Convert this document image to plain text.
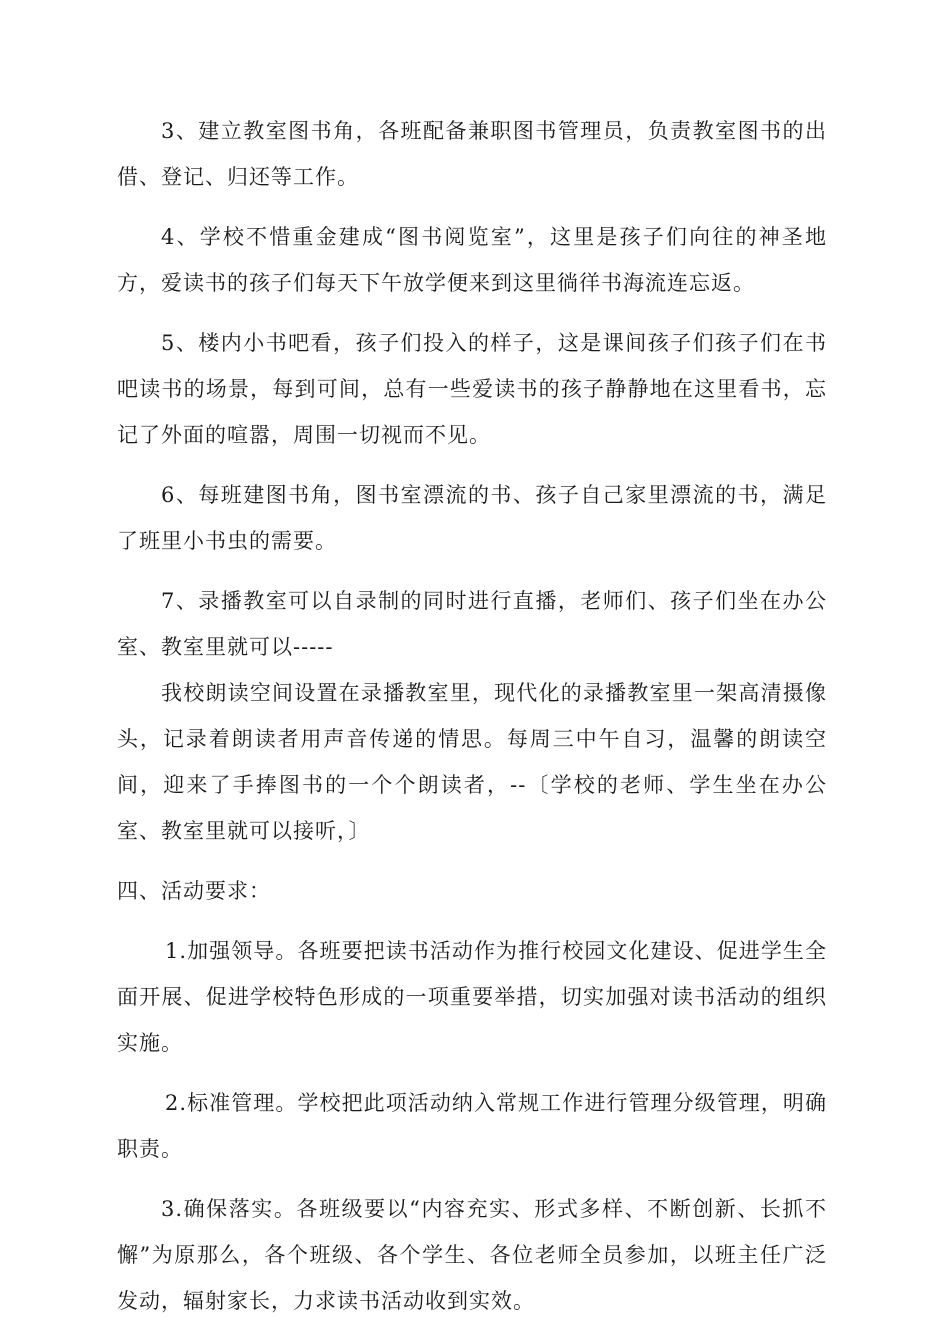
3、建立教室图书角，各班配备兼职图书管理员，负责教室图书的出借、登记、归还等工作。

4、学校不惜重金建成“图书阅览室”，这里是孩子们向往的神圣地方，爱读书的孩子们每天下午放学便来到这里徜徉书海流连忘返。

5、楼内小书吧看，孩子们投入的样子，这是课间孩子们孩子们在书吧读书的场景，每到可间，总有一些爱读书的孩子静静地在这里看书，忘记了外面的喧嚣，周围一切视而不见。

6、每班建图书角，图书室漂流的书、孩子自己家里漂流的书，满足了班里小书虫的需要。

7、录播教室可以自录制的同时进行直播，老师们、孩子们坐在办公室、教室里就可以-----

我校朗读空间设置在录播教室里，现代化的录播教室里一架高清摄像头，记录着朗读者用声音传递的情思。每周三中午自习，温馨的朗读空间，迎来了手捧图书的一个个朗读者，--〔学校的老师、学生坐在办公室、教室里就可以接听，〕

四、活动要求：

1.加强领导。各班要把读书活动作为推行校园文化建设、促进学生全面开展、促进学校特色形成的一项重要举措，切实加强对读书活动的组织实施。

2.标准管理。学校把此项活动纳入常规工作进行管理分级管理，明确职责。

3.确保落实。各班级要以“内容充实、形式多样、不断创新、长抓不懈”为原那么，各个班级、各个学生、各位老师全员参加，以班主任广泛发动，辐射家长，力求读书活动收到实效。
